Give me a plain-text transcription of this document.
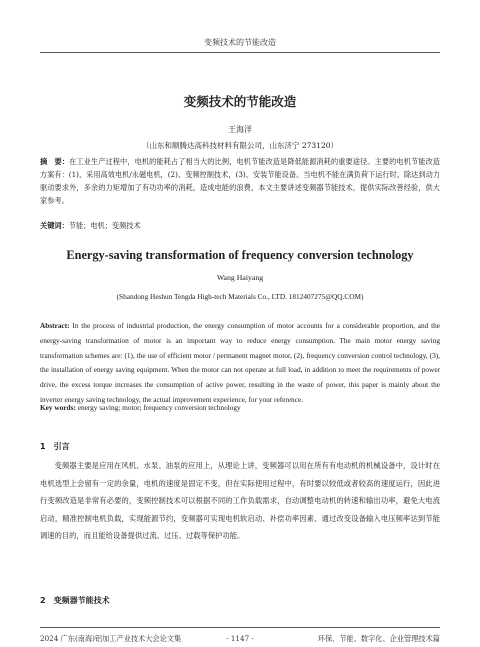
变频技术的节能改造
变频技术的节能改造
王海洋
（山东和顺腾达高科技材料有限公司，山东济宁 273120）
摘　要：在工业生产过程中，电机的能耗占了相当大的比例，电机节能改造是降低能源消耗的重要途径。主要的电机节能改造方案有：(1)、采用高效电机/永磁电机，(2)、变频控制技术，(3)、安装节能设备。当电机不能在满负荷下运行时，除达到动力驱动要求外，多余的力矩增加了有功功率的消耗，造成电能的浪费，本文主要讲述变频器节能技术，提供实际改善经验，供大家参考。
关键词：节能；电机；变频技术
Energy-saving transformation of frequency conversion technology
Wang Haiyang
(Shandong Heshun Tengda High-tech Materials Co., LTD. 1812407275@QQ.COM)
Abstract: In the process of industrial production, the energy consumption of motor accounts for a considerable proportion, and the energy-saving transformation of motor is an important way to reduce energy consumption. The main motor energy saving transformation schemes are: (1), the use of efficient motor / permanent magnet motor, (2), frequency conversion control technology, (3), the installation of energy saving equipment. When the motor can not operate at full load, in addition to meet the requirements of power drive, the excess torque increases the consumption of active power, resulting in the waste of power, this paper is mainly about the inverter energy saving technology, the actual improvement experience, for your reference.
Key words: energy saving; motor; frequency conversion technology
1　引言

变频器主要是应用在风机、水泵、油泵的应用上，从理论上讲，变频器可以用在所有有电动机的机械设备中，设计时在电机选型上会留有一定的余量，电机的速度是固定不变，但在实际使用过程中，有时要以较低或者较高的速度运行，因此进行变频改造是非常有必要的，变频控制技术可以根据不同的工作负载需求，自动调整电动机的转速和输出功率，避免大电流启动，精准控制电机负载，实现能源节约，变频器可实现电机软启动、补偿功率因素、通过改变设备输入电压频率达到节能调速的目的，而且能给设备提供过流、过压、过载等保护功能。

2　变频器节能技术
2024 广东(南海)铝加工产业技术大会论文集	- 1147 -	环保、节能、数字化、企业管理技术篇
